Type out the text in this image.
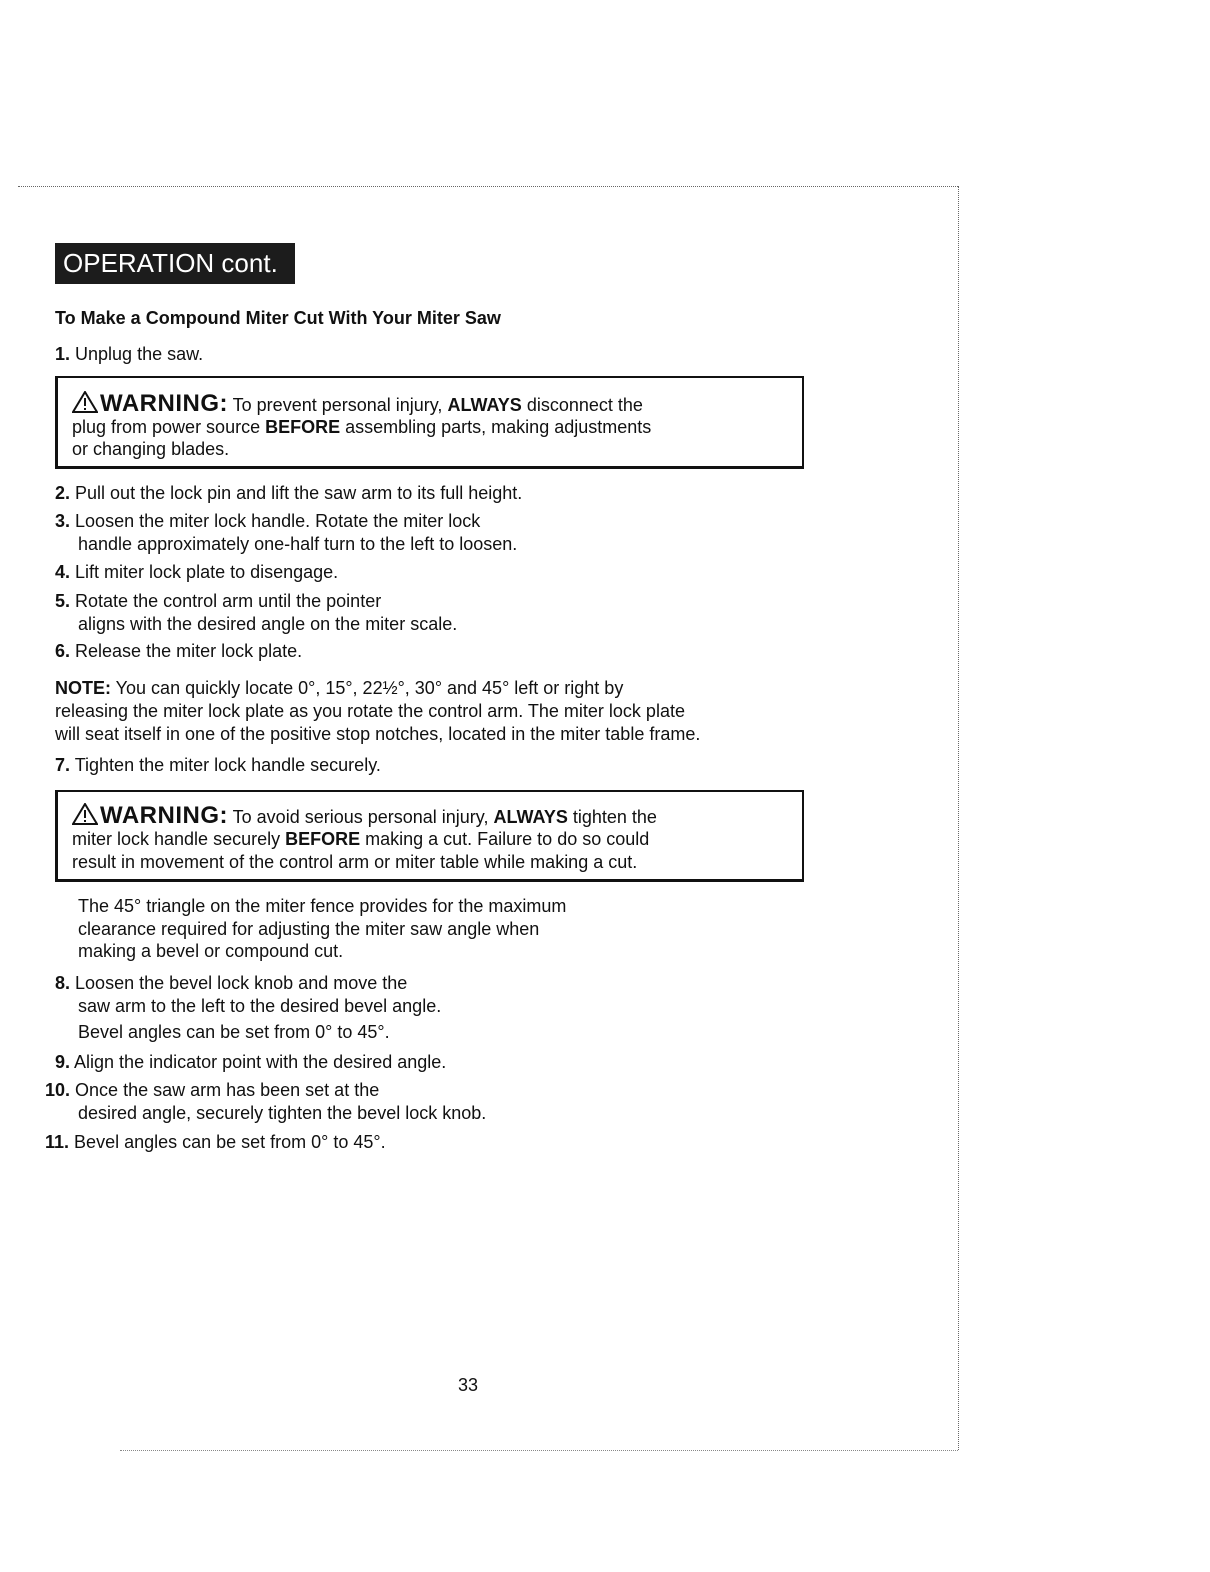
OPERATION cont.
To Make a Compound Miter Cut With Your Miter Saw
1. Unplug the saw.
WARNING: To prevent personal injury, ALWAYS disconnect the
plug from power source BEFORE assembling parts, making adjustments
or changing blades.
2. Pull out the lock pin and lift the saw arm to its full height.
3. Loosen the miter lock handle. Rotate the miter lock
handle approximately one-half turn to the left to loosen.
4. Lift miter lock plate to disengage.
5. Rotate the control arm until the pointer
aligns with the desired angle on the miter scale.
6. Release the miter lock plate.
NOTE: You can quickly locate 0°, 15°, 22½°, 30° and 45° left or right by
releasing the miter lock plate as you rotate the control arm. The miter lock plate
will seat itself in one of the positive stop notches, located in the miter table frame.
7. Tighten the miter lock handle securely.
WARNING: To avoid serious personal injury, ALWAYS tighten the
miter lock handle securely BEFORE making a cut. Failure to do so could
result in movement of the control arm or miter table while making a cut.
The 45° triangle on the miter fence provides for the maximum
clearance required for adjusting the miter saw angle when
making a bevel or compound cut.
8. Loosen the bevel lock knob and move the
saw arm to the left to the desired bevel angle.
Bevel angles can be set from 0° to 45°.
9. Align the indicator point with the desired angle.
10. Once the saw arm has been set at the
desired angle, securely tighten the bevel lock knob.
11. Bevel angles can be set from 0° to 45°.
33
